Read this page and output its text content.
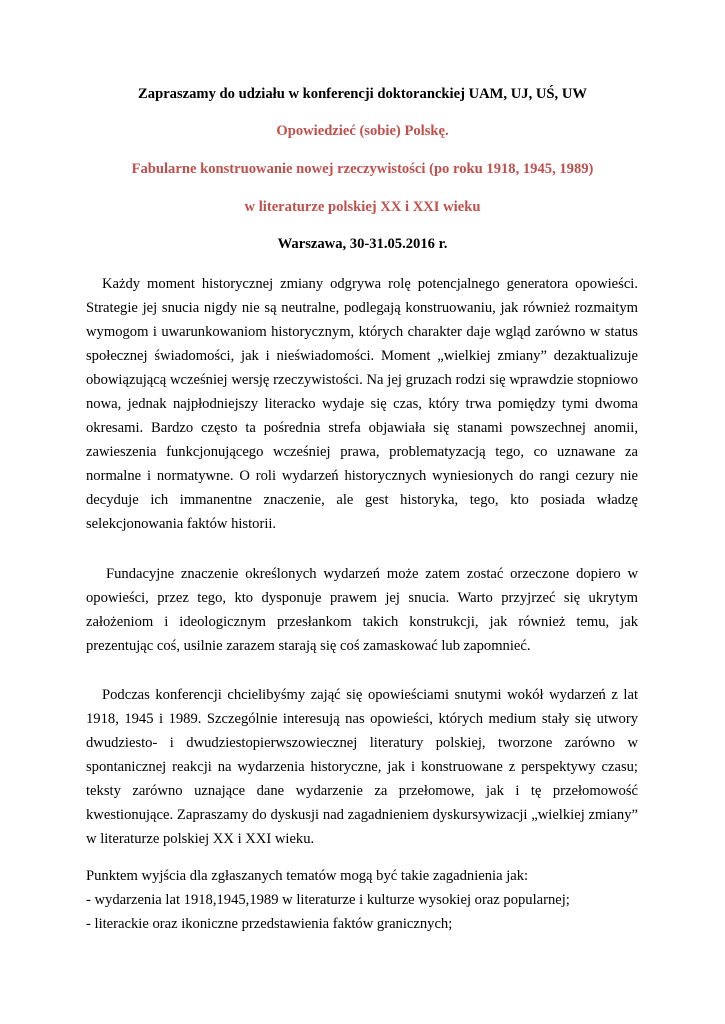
Zapraszamy do udziału w konferencji doktoranckiej UAM, UJ, UŚ, UW
Opowiedzieć (sobie) Polskę.
Fabularne konstruowanie nowej rzeczywistości (po roku 1918, 1945, 1989)
w literaturze polskiej XX i XXI wieku
Warszawa, 30-31.05.2016 r.
Każdy moment historycznej zmiany odgrywa rolę potencjalnego generatora opowieści.
Strategie jej snucia nigdy nie są neutralne, podlegają konstruowaniu, jak również rozmaitym
wymogom i uwarunkowaniom historycznym, których charakter daje wgląd zarówno w status
społecznej świadomości, jak i nieświadomości. Moment „wielkiej zmiany” dezaktualizuje
obowiązującą wcześniej wersję rzeczywistości. Na jej gruzach rodzi się wprawdzie stopniowo
nowa, jednak najpłodniejszy literacko wydaje się czas, który trwa pomiędzy tymi dwoma
okresami. Bardzo często ta pośrednia strefa objawiała się stanami powszechnej anomii,
zawieszenia funkcjonującego wcześniej prawa, problematyzacją tego, co uznawane za
normalne i normatywne. O roli wydarzeń historycznych wyniesionych do rangi cezury nie
decyduje ich immanentne znaczenie, ale gest historyka, tego, kto posiada władzę
selekcjonowania faktów historii.
Fundacyjne znaczenie określonych wydarzeń może zatem zostać orzeczone dopiero w
opowieści, przez tego, kto dysponuje prawem jej snucia. Warto przyjrzeć się ukrytym
założeniom i ideologicznym przesłankom takich konstrukcji, jak również temu, jak
prezentując coś, usilnie zarazem starają się coś zamaskować lub zapomnieć.
Podczas konferencji chcielibyśmy zająć się opowieściami snutymi wokół wydarzeń z lat
1918, 1945 i 1989. Szczególnie interesują nas opowieści, których medium stały się utwory
dwudziesto- i dwudziestopierwszowiecznej literatury polskiej, tworzone zarówno w
spontanicznej reakcji na wydarzenia historyczne, jak i konstruowane z perspektywy czasu;
teksty zarówno uznające dane wydarzenie za przełomowe, jak i tę przełomowość
kwestionujące. Zapraszamy do dyskusji nad zagadnieniem dyskursywizacji „wielkiej zmiany”
w literaturze polskiej XX i XXI wieku.
Punktem wyjścia dla zgłaszanych tematów mogą być takie zagadnienia jak:
- wydarzenia lat 1918,1945,1989 w literaturze i kulturze wysokiej oraz popularnej;
- literackie oraz ikoniczne przedstawienia faktów granicznych;
